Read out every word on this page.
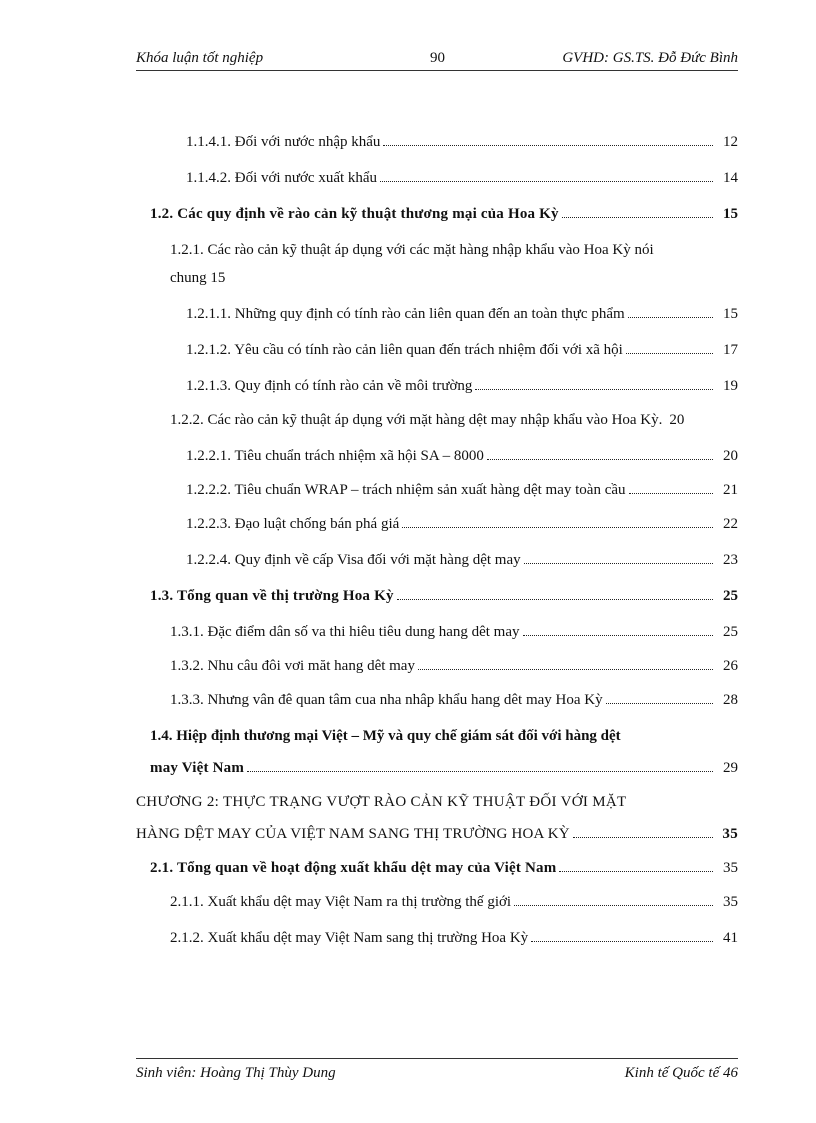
Khóa luận tốt nghiệp	90	GVHD: GS.TS. Đỗ Đức Bình
1.1.4.1. Đối với nước nhập khẩu	12
1.1.4.2. Đối với nước xuất khẩu	14
1.2. Các quy định về rào cản kỹ thuật thương mại của Hoa Kỳ	15
1.2.1. Các rào cản kỹ thuật áp dụng với các mặt hàng nhập khẩu vào Hoa Kỳ nói
chung 15
1.2.1.1. Những quy định có tính rào cản liên quan đến an toàn thực phẩm	15
1.2.1.2. Yêu cầu có tính rào cản liên quan đến trách nhiệm đối với xã hội	17
1.2.1.3. Quy định có tính rào cản về môi trường	19
1.2.2. Các rào cản kỹ thuật áp dụng với mặt hàng dệt may nhập khẩu vào Hoa Kỳ. 20
1.2.2.1. Tiêu chuẩn trách nhiệm xã hội SA – 8000	20
1.2.2.2. Tiêu chuẩn WRAP – trách nhiệm sản xuất hàng dệt may toàn cầu	21
1.2.2.3. Đạo luật chống bán phá giá	22
1.2.2.4. Quy định về cấp Visa đối với mặt hàng dệt may	23
1.3. Tổng quan về thị trường Hoa Kỳ	25
1.3.1. Đặc điểm dân số va thi hiêu tiêu dung hang dêt may	25
1.3.2. Nhu câu đôi vơi măt hang dêt may	26
1.3.3. Nhưng vân đê quan tâm cua nha nhâp khẩu hang dêt may Hoa Kỳ	28
1.4. Hiệp định thương mại Việt – Mỹ và quy chế giám sát đối với hàng dệt
may Việt Nam	29
CHƯƠNG 2: THỰC TRẠNG VƯỢT RÀO CẢN KỸ THUẬT ĐỐI VỚI MẶT
HÀNG DỆT MAY CỦA VIỆT NAM SANG THỊ TRƯỜNG HOA KỲ	35
2.1. Tổng quan về hoạt động xuất khẩu dệt may của Việt Nam	35
2.1.1. Xuất khẩu dệt may Việt Nam ra thị trường thế giới	35
2.1.2. Xuất khẩu dệt may Việt Nam sang thị trường Hoa Kỳ	41
Sinh viên: Hoàng Thị Thùy Dung	Kinh tế Quốc tế 46
